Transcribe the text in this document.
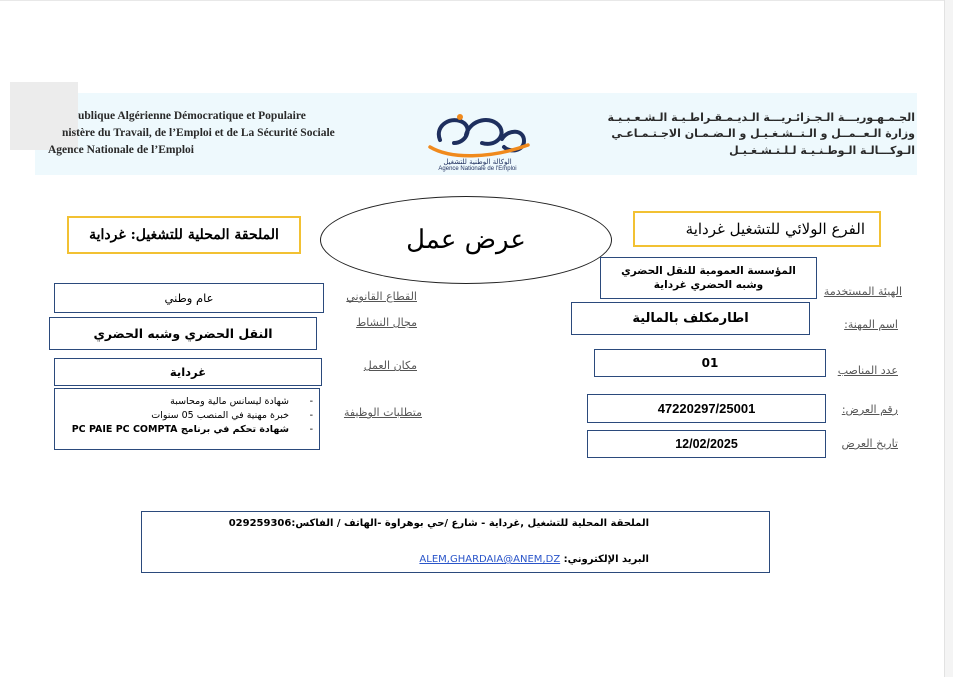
ublique Algérienne Démocratique et Populaire
nistère du Travail, de l’Emploi et de La Sécurité Sociale
Agence Nationale de l’Emploi
الجـمـهـوريـــة الـجـزائـريـــة الـديـمـقـراطـيـة الـشـعـبـيـة
وزارة الـعــمــل و الـتــشـغـيـل و الـضـمـان الاجـتـمـاعـي
الـوكـــالـة الـوطـنـيـة لـلـتـشـغـيـل
الوكالة الوطنية للتشغيل
Agence Nationale de l'Emploi
الملحقة المحلية للتشغيل: غرداية	عرض عمل	الفرع الولائي للتشغيل غرداية
الهيئة المستخدمة
اسم المهنة:
عدد المناصب
رقم العرض:
تاريخ العرض
المؤسسة العمومية للنقل الحضري وشبه الحضري غرداية
اطارمكلف بالمالية
01
47220297/25001
12/02/2025
القطاع القانوني
مجال النشاط
مكان العمل
متطلبات الوظيفة
عام وطني
النقل الحضري وشبه الحضري
غرداية
-
شهادة ليسانس مالية ومحاسبة
-
خبرة مهنية في المنصب 05 سنوات
-
شهادة تحكم في برنامج PC PAIE PC COMPTA
الملحقة المحلية للتشغيل ,غرداية - شارع /حي بوهراوة -الهاتف / الفاكس:029259306
البريد الإلكتروني: ALEM,GHARDAIA@ANEM,DZ
